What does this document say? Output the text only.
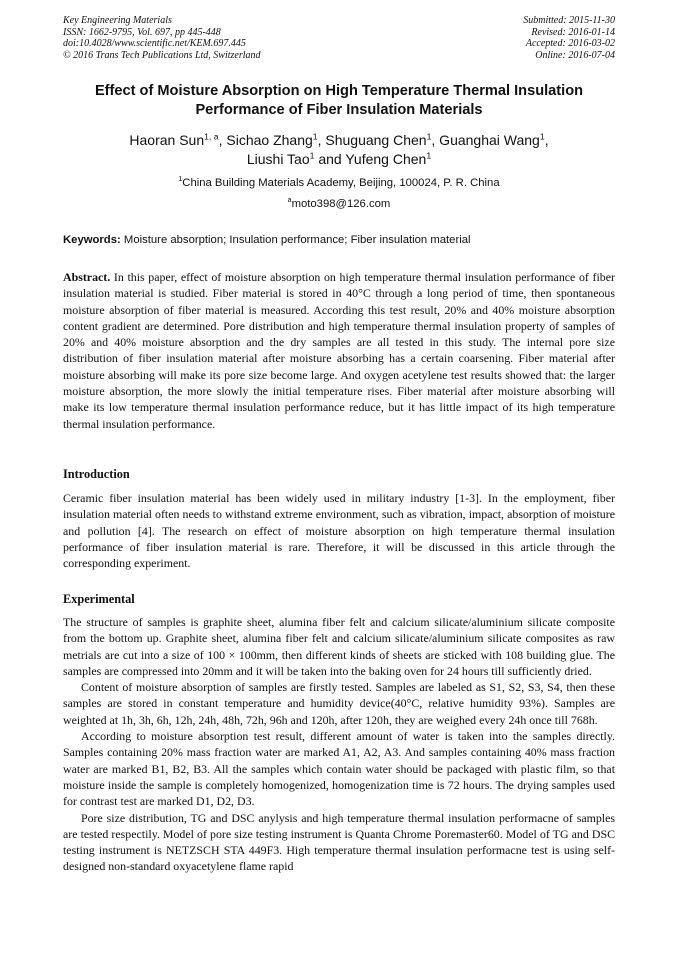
Key Engineering Materials
ISSN: 1662-9795, Vol. 697, pp 445-448
doi:10.4028/www.scientific.net/KEM.697.445
© 2016 Trans Tech Publications Ltd, Switzerland
Submitted: 2015-11-30
Revised: 2016-01-14
Accepted: 2016-03-02
Online: 2016-07-04
Effect of Moisture Absorption on High Temperature Thermal Insulation
Performance of Fiber Insulation Materials
Haoran Sun$^{1, a}$, Sichao Zhang$^1$, Shuguang Chen$^1$, Guanghai Wang$^1$,
Liushi Tao$^1$ and Yufeng Chen$^1$
$^1$China Building Materials Academy, Beijing, 100024, P. R. China
$^a$moto398@126.com
Keywords: Moisture absorption; Insulation performance; Fiber insulation material

Abstract. In this paper, effect of moisture absorption on high temperature thermal insulation performance of fiber insulation material is studied. Fiber material is stored in 40°C through a long period of time, then spontaneous moisture absorption of fiber material is measured. According this test result, 20% and 40% moisture absorption content gradient are determined. Pore distribution and high temperature thermal insulation property of samples of 20% and 40% moisture absorption and the dry samples are all tested in this study. The internal pore size distribution of fiber insulation material after moisture absorbing has a certain coarsening. Fiber material after moisture absorbing will make its pore size become large. And oxygen acetylene test results showed that: the larger moisture absorption, the more slowly the initial temperature rises. Fiber material after moisture absorbing will make its low temperature thermal insulation performance reduce, but it has little impact of its high temperature thermal insulation performance.

Introduction

Ceramic fiber insulation material has been widely used in military industry [1-3]. In the employment, fiber insulation material often needs to withstand extreme environment, such as vibration, impact, absorption of moisture and pollution [4]. The research on effect of moisture absorption on high temperature thermal insulation performance of fiber insulation material is rare. Therefore, it will be discussed in this article through the corresponding experiment.

Experimental

The structure of samples is graphite sheet, alumina fiber felt and calcium silicate/aluminium silicate composite from the bottom up. Graphite sheet, alumina fiber felt and calcium silicate/aluminium silicate composites as raw metrials are cut into a size of 100 × 100mm, then different kinds of sheets are sticked with 108 building glue. The samples are compressed into 20mm and it will be taken into the baking oven for 24 hours till sufficiently dried.

Content of moisture absorption of samples are firstly tested. Samples are labeled as S1, S2, S3, S4, then these samples are stored in constant temperature and humidity device(40°C, relative humidity 93%). Samples are weighted at 1h, 3h, 6h, 12h, 24h, 48h, 72h, 96h and 120h, after 120h, they are weighed every 24h once till 768h.

According to moisture absorption test result, different amount of water is taken into the samples directly. Samples containing 20% mass fraction water are marked A1, A2, A3. And samples containing 40% mass fraction water are marked B1, B2, B3. All the samples which contain water should be packaged with plastic film, so that moisture inside the sample is completely homogenized, homogenization time is 72 hours. The drying samples used for contrast test are marked D1, D2, D3.

Pore size distribution, TG and DSC anylysis and high temperature thermal insulation performacne of samples are tested respectily. Model of pore size testing instrument is Quanta Chrome Poremaster60. Model of TG and DSC testing instrument is NETZSCH STA 449F3. High temperature thermal insulation performacne test is using self-designed non-standard oxyacetylene flame rapid
